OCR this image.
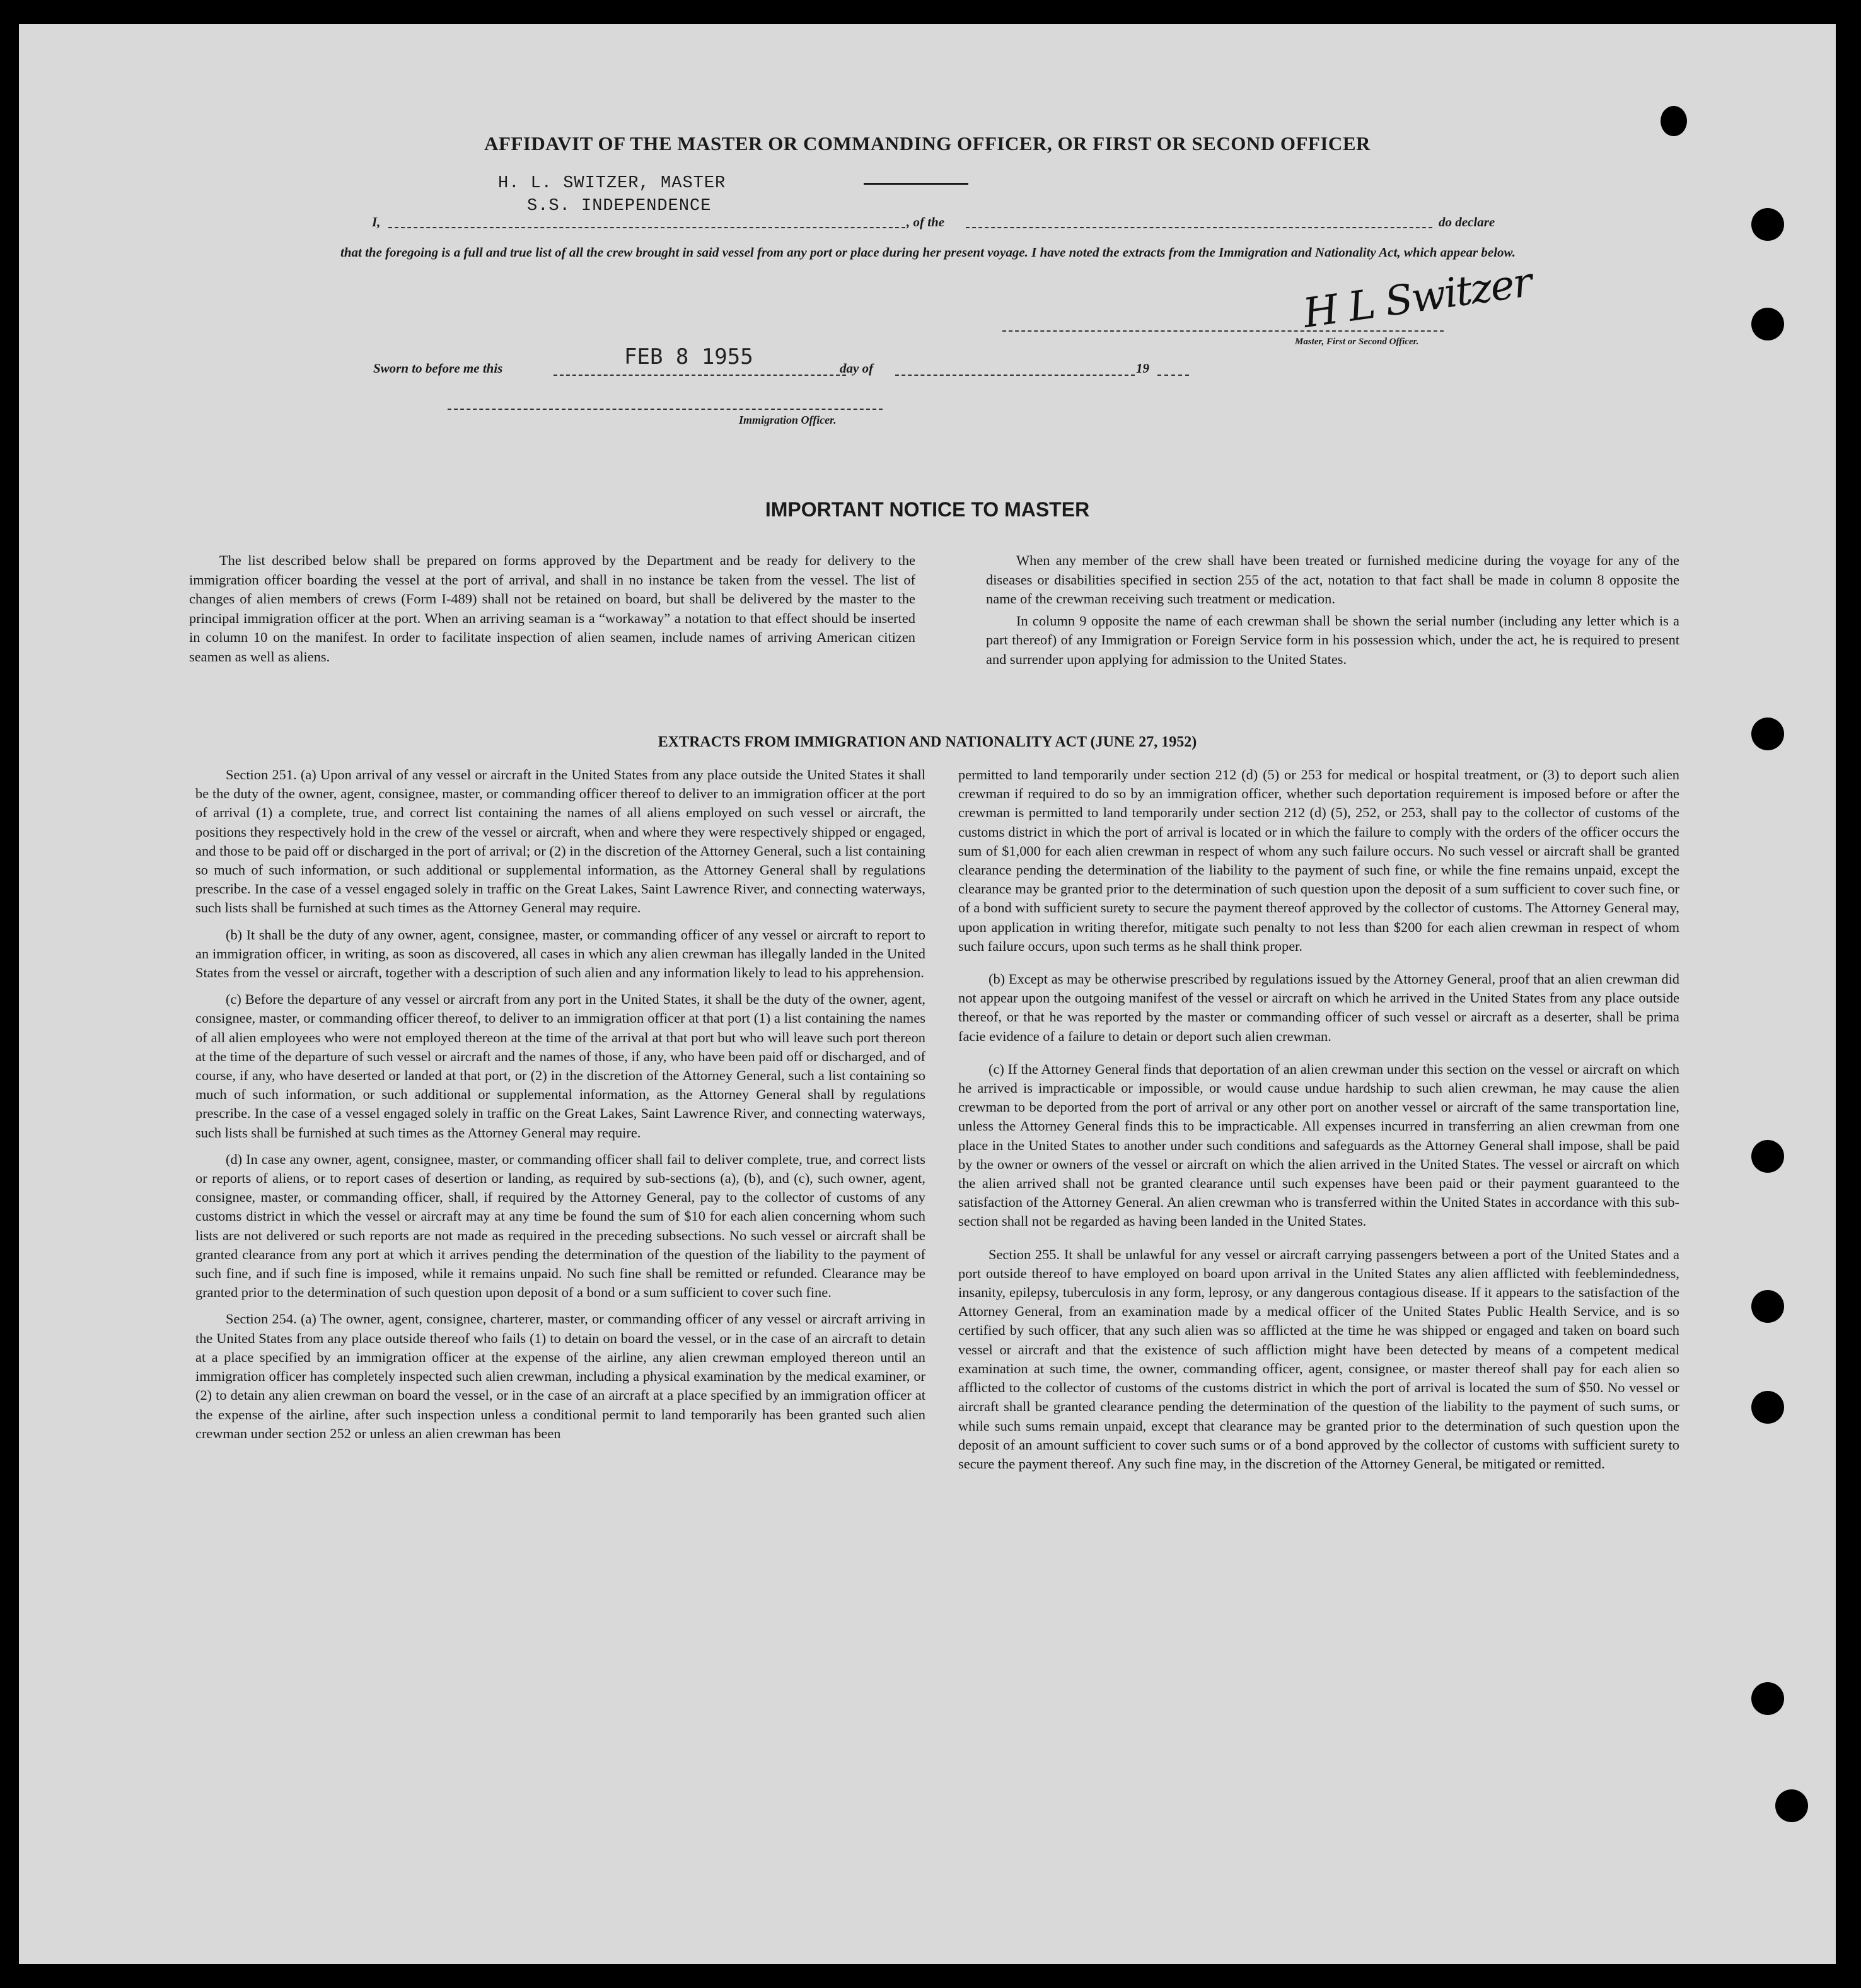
AFFIDAVIT OF THE MASTER OR COMMANDING OFFICER, OR FIRST OR SECOND OFFICER
H. L. SWITZER, MASTER
S.S. INDEPENDENCE
I,	, of the	do declare
that the foregoing is a full and true list of all the crew brought in said vessel from any port or place during her present voyage. I have noted the extracts from the Immigration and Nationality Act, which appear below.
H L Switzer
Master, First or Second Officer.
Sworn to before me this	FEB 8 1955	day of	19
Immigration Officer.
IMPORTANT NOTICE TO MASTER

The list described below shall be prepared on forms approved by the Department and be ready for delivery to the immigration officer boarding the vessel at the port of arrival, and shall in no instance be taken from the vessel. The list of changes of alien members of crews (Form I-489) shall not be retained on board, but shall be delivered by the master to the principal immigration officer at the port. When an arriving seaman is a “workaway” a notation to that effect should be inserted in column 10 on the manifest. In order to facilitate inspection of alien seamen, include names of arriving American citizen seamen as well as aliens.

When any member of the crew shall have been treated or furnished medicine during the voyage for any of the diseases or disabilities specified in section 255 of the act, notation to that fact shall be made in column 8 opposite the name of the crewman receiving such treatment or medication.

In column 9 opposite the name of each crewman shall be shown the serial number (including any letter which is a part thereof) of any Immigration or Foreign Service form in his possession which, under the act, he is required to present and surrender upon applying for admission to the United States.

EXTRACTS FROM IMMIGRATION AND NATIONALITY ACT (JUNE 27, 1952)

Section 251. (a) Upon arrival of any vessel or aircraft in the United States from any place outside the United States it shall be the duty of the owner, agent, consignee, master, or commanding officer thereof to deliver to an immigration officer at the port of arrival (1) a complete, true, and correct list containing the names of all aliens employed on such vessel or aircraft, the positions they respectively hold in the crew of the vessel or aircraft, when and where they were respectively shipped or engaged, and those to be paid off or discharged in the port of arrival; or (2) in the discretion of the Attorney General, such a list containing so much of such information, or such additional or supplemental information, as the Attorney General shall by regulations prescribe. In the case of a vessel engaged solely in traffic on the Great Lakes, Saint Lawrence River, and connecting waterways, such lists shall be furnished at such times as the Attorney General may require.

(b) It shall be the duty of any owner, agent, consignee, master, or commanding officer of any vessel or aircraft to report to an immigration officer, in writing, as soon as discovered, all cases in which any alien crewman has illegally landed in the United States from the vessel or aircraft, together with a description of such alien and any information likely to lead to his apprehension.

(c) Before the departure of any vessel or aircraft from any port in the United States, it shall be the duty of the owner, agent, consignee, master, or commanding officer thereof, to deliver to an immigration officer at that port (1) a list containing the names of all alien employees who were not employed thereon at the time of the arrival at that port but who will leave such port thereon at the time of the departure of such vessel or aircraft and the names of those, if any, who have been paid off or discharged, and of course, if any, who have deserted or landed at that port, or (2) in the discretion of the Attorney General, such a list containing so much of such information, or such additional or supplemental information, as the Attorney General shall by regulations prescribe. In the case of a vessel engaged solely in traffic on the Great Lakes, Saint Lawrence River, and connecting waterways, such lists shall be furnished at such times as the Attorney General may require.

(d) In case any owner, agent, consignee, master, or commanding officer shall fail to deliver complete, true, and correct lists or reports of aliens, or to report cases of desertion or landing, as required by sub-sections (a), (b), and (c), such owner, agent, consignee, master, or commanding officer, shall, if required by the Attorney General, pay to the collector of customs of any customs district in which the vessel or aircraft may at any time be found the sum of $10 for each alien concerning whom such lists are not delivered or such reports are not made as required in the preceding subsections. No such vessel or aircraft shall be granted clearance from any port at which it arrives pending the determination of the question of the liability to the payment of such fine, and if such fine is imposed, while it remains unpaid. No such fine shall be remitted or refunded. Clearance may be granted prior to the determination of such question upon deposit of a bond or a sum sufficient to cover such fine.

Section 254. (a) The owner, agent, consignee, charterer, master, or commanding officer of any vessel or aircraft arriving in the United States from any place outside thereof who fails (1) to detain on board the vessel, or in the case of an aircraft to detain at a place specified by an immigration officer at the expense of the airline, any alien crewman employed thereon until an immigration officer has completely inspected such alien crewman, including a physical examination by the medical examiner, or (2) to detain any alien crewman on board the vessel, or in the case of an aircraft at a place specified by an immigration officer at the expense of the airline, after such inspection unless a conditional permit to land temporarily has been granted such alien crewman under section 252 or unless an alien crewman has been

permitted to land temporarily under section 212 (d) (5) or 253 for medical or hospital treatment, or (3) to deport such alien crewman if required to do so by an immigration officer, whether such deportation requirement is imposed before or after the crewman is permitted to land temporarily under section 212 (d) (5), 252, or 253, shall pay to the collector of customs of the customs district in which the port of arrival is located or in which the failure to comply with the orders of the officer occurs the sum of $1,000 for each alien crewman in respect of whom any such failure occurs. No such vessel or aircraft shall be granted clearance pending the determination of the liability to the payment of such fine, or while the fine remains unpaid, except the clearance may be granted prior to the determination of such question upon the deposit of a sum sufficient to cover such fine, or of a bond with sufficient surety to secure the payment thereof approved by the collector of customs. The Attorney General may, upon application in writing therefor, mitigate such penalty to not less than $200 for each alien crewman in respect of whom such failure occurs, upon such terms as he shall think proper.

(b) Except as may be otherwise prescribed by regulations issued by the Attorney General, proof that an alien crewman did not appear upon the outgoing manifest of the vessel or aircraft on which he arrived in the United States from any place outside thereof, or that he was reported by the master or commanding officer of such vessel or aircraft as a deserter, shall be prima facie evidence of a failure to detain or deport such alien crewman.

(c) If the Attorney General finds that deportation of an alien crewman under this section on the vessel or aircraft on which he arrived is impracticable or impossible, or would cause undue hardship to such alien crewman, he may cause the alien crewman to be deported from the port of arrival or any other port on another vessel or aircraft of the same transportation line, unless the Attorney General finds this to be impracticable. All expenses incurred in transferring an alien crewman from one place in the United States to another under such conditions and safeguards as the Attorney General shall impose, shall be paid by the owner or owners of the vessel or aircraft on which the alien arrived in the United States. The vessel or aircraft on which the alien arrived shall not be granted clearance until such expenses have been paid or their payment guaranteed to the satisfaction of the Attorney General. An alien crewman who is transferred within the United States in accordance with this sub-section shall not be regarded as having been landed in the United States.

Section 255. It shall be unlawful for any vessel or aircraft carrying passengers between a port of the United States and a port outside thereof to have employed on board upon arrival in the United States any alien afflicted with feeblemindedness, insanity, epilepsy, tuberculosis in any form, leprosy, or any dangerous contagious disease. If it appears to the satisfaction of the Attorney General, from an examination made by a medical officer of the United States Public Health Service, and is so certified by such officer, that any such alien was so afflicted at the time he was shipped or engaged and taken on board such vessel or aircraft and that the existence of such affliction might have been detected by means of a competent medical examination at such time, the owner, commanding officer, agent, consignee, or master thereof shall pay for each alien so afflicted to the collector of customs of the customs district in which the port of arrival is located the sum of $50. No vessel or aircraft shall be granted clearance pending the determination of the question of the liability to the payment of such sums, or while such sums remain unpaid, except that clearance may be granted prior to the determination of such question upon the deposit of an amount sufficient to cover such sums or of a bond approved by the collector of customs with sufficient surety to secure the payment thereof. Any such fine may, in the discretion of the Attorney General, be mitigated or remitted.
